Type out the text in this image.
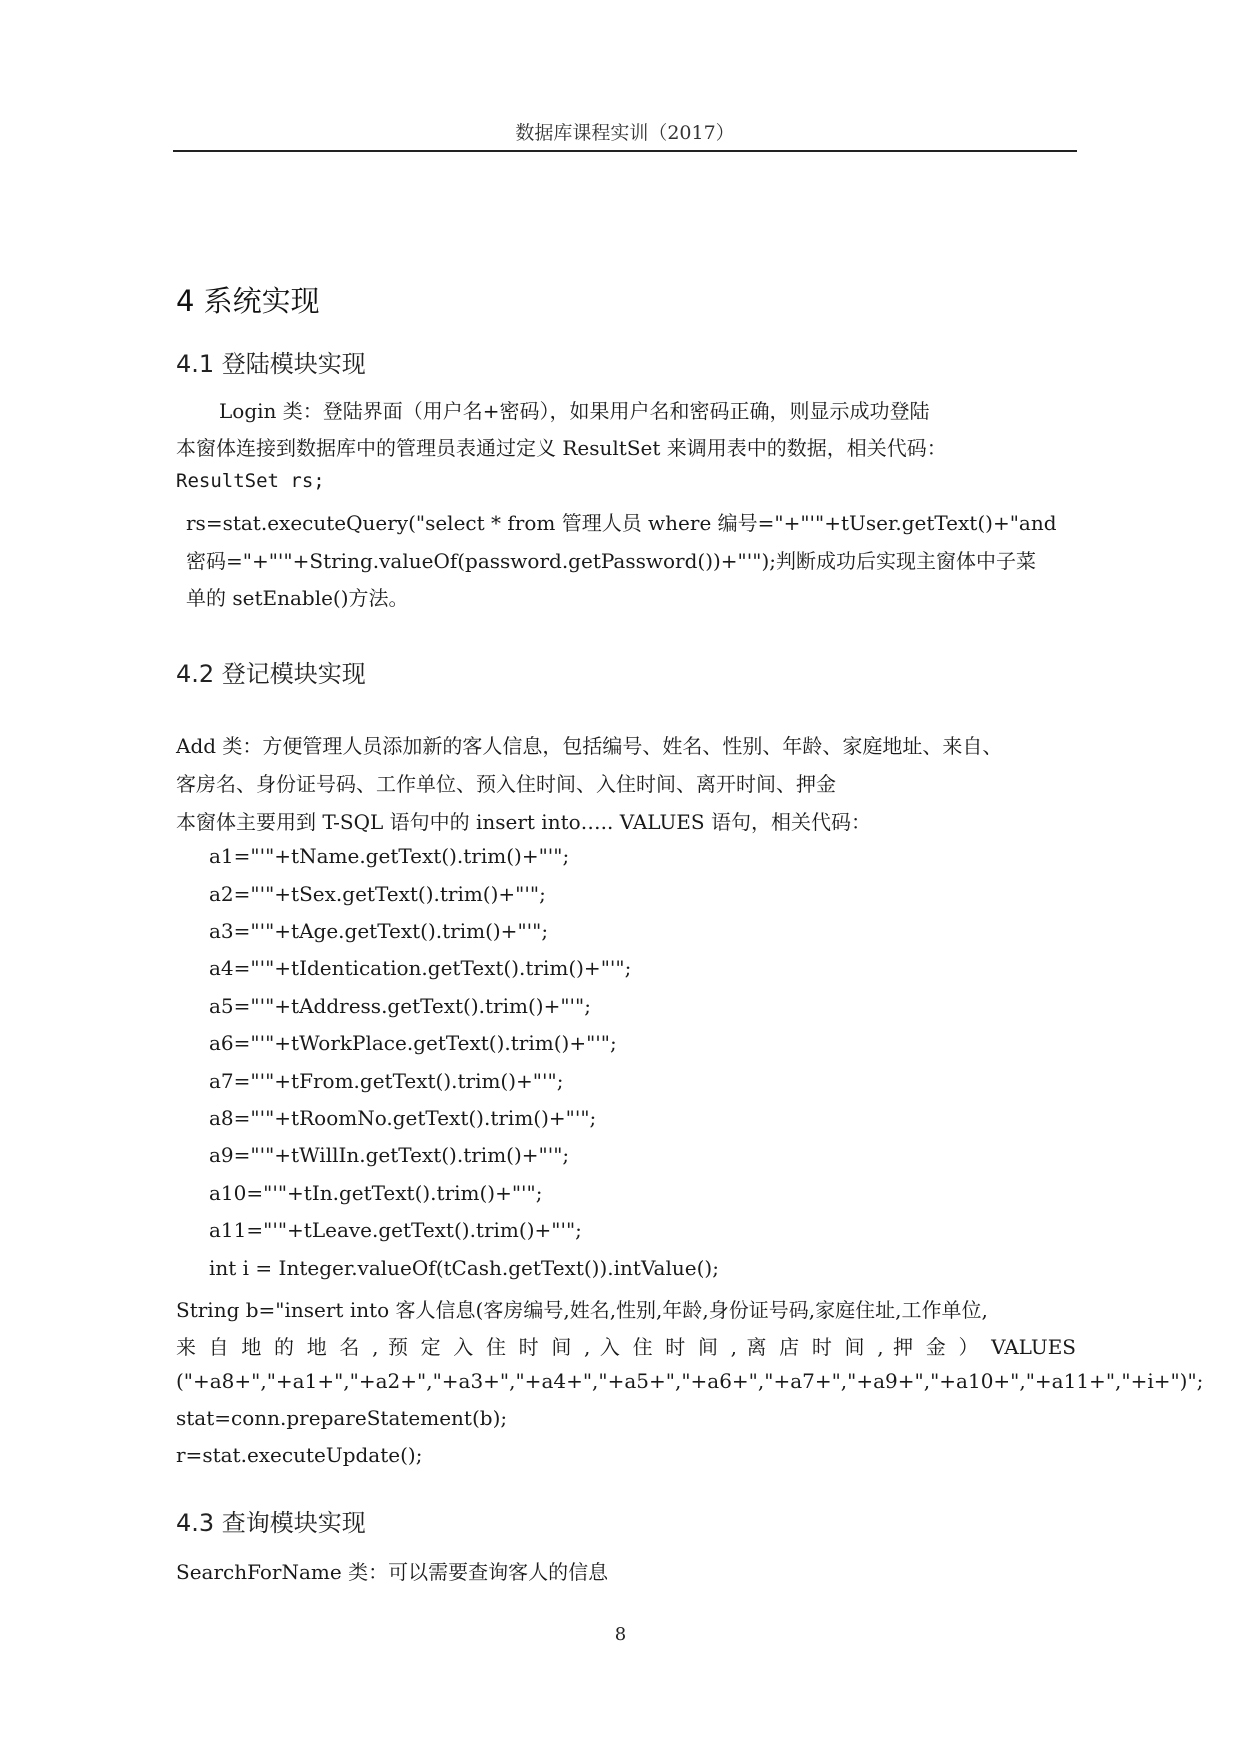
数据库课程实训（2017）
4 系统实现
4.1 登陆模块实现
Login 类：登陆界面（用户名+密码），如果用户名和密码正确，则显示成功登陆
本窗体连接到数据库中的管理员表通过定义 ResultSet 来调用表中的数据，相关代码：
ResultSet rs;
rs=stat.executeQuery("select * from 管理人员 where 编号="+"'"+tUser.getText()+"and
密码="+"'"+String.valueOf(password.getPassword())+"'");判断成功后实现主窗体中子菜
单的 setEnable()方法。
4.2 登记模块实现
Add 类：方便管理人员添加新的客人信息，包括编号、姓名、性别、年龄、家庭地址、来自、
客房名、身份证号码、工作单位、预入住时间、入住时间、离开时间、押金
本窗体主要用到 T-SQL 语句中的 insert into….. VALUES 语句，相关代码：
a1="'"+tName.getText().trim()+"'";
a2="'"+tSex.getText().trim()+"'";
a3="'"+tAge.getText().trim()+"'";
a4="'"+tIdentication.getText().trim()+"'";
a5="'"+tAddress.getText().trim()+"'";
a6="'"+tWorkPlace.getText().trim()+"'";
a7="'"+tFrom.getText().trim()+"'";
a8="'"+tRoomNo.getText().trim()+"'";
a9="'"+tWillIn.getText().trim()+"'";
a10="'"+tIn.getText().trim()+"'";
a11="'"+tLeave.getText().trim()+"'";
int i = Integer.valueOf(tCash.getText()).intValue();
String b="insert into 客人信息(客房编号,姓名,性别,年龄,身份证号码,家庭住址,工作单位,
来 自 地 的 地 名 , 预 定 入 住 时 间 , 入 住 时 间 , 离 店 时 间 , 押 金 ） VALUES
("+a8+","+a1+","+a2+","+a3+","+a4+","+a5+","+a6+","+a7+","+a9+","+a10+","+a11+","+i+")";
stat=conn.prepareStatement(b);
r=stat.executeUpdate();
4.3 查询模块实现
SearchForName 类：可以需要查询客人的信息
8
